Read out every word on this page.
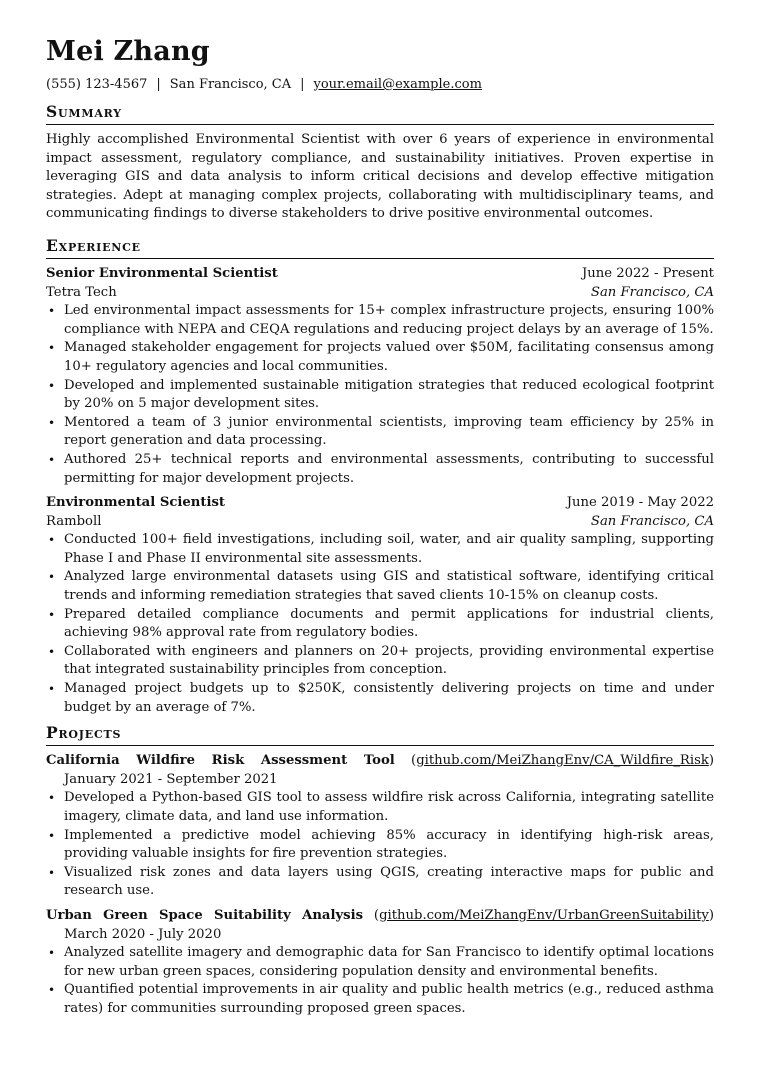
Mei Zhang
(555) 123-4567 | San Francisco, CA | your.email@example.com
Summary
Highly accomplished Environmental Scientist with over 6 years of experience in environmental impact assessment, regulatory compliance, and sustainability initiatives. Proven expertise in leveraging GIS and data analysis to inform critical decisions and develop effective mitigation strategies. Adept at managing complex projects, collaborating with multidisciplinary teams, and communicating findings to diverse stakeholders to drive positive environmental outcomes.
Experience
Senior Environmental Scientist	June 2022 - Present
Tetra Tech	San Francisco, CA
• Led environmental impact assessments for 15+ complex infrastructure projects, ensuring 100% compliance with NEPA and CEQA regulations and reducing project delays by an average of 15%.
• Managed stakeholder engagement for projects valued over $50M, facilitating consensus among 10+ regulatory agencies and local communities.
• Developed and implemented sustainable mitigation strategies that reduced ecological footprint by 20% on 5 major development sites.
• Mentored a team of 3 junior environmental scientists, improving team efficiency by 25% in report generation and data processing.
• Authored 25+ technical reports and environmental assessments, contributing to successful permitting for major development projects.
Environmental Scientist	June 2019 - May 2022
Ramboll	San Francisco, CA
• Conducted 100+ field investigations, including soil, water, and air quality sampling, supporting Phase I and Phase II environmental site assessments.
• Analyzed large environmental datasets using GIS and statistical software, identifying critical trends and informing remediation strategies that saved clients 10-15% on cleanup costs.
• Prepared detailed compliance documents and permit applications for industrial clients, achieving 98% approval rate from regulatory bodies.
• Collaborated with engineers and planners on 20+ projects, providing environmental expertise that integrated sustainability principles from conception.
• Managed project budgets up to $250K, consistently delivering projects on time and under budget by an average of 7%.
Projects
California Wildfire Risk Assessment Tool (github.com/MeiZhangEnv/CA_Wildfire_Risk) January 2021 - September 2021
• Developed a Python-based GIS tool to assess wildfire risk across California, integrating satellite imagery, climate data, and land use information.
• Implemented a predictive model achieving 85% accuracy in identifying high-risk areas, providing valuable insights for fire prevention strategies.
• Visualized risk zones and data layers using QGIS, creating interactive maps for public and research use.
Urban Green Space Suitability Analysis (github.com/MeiZhangEnv/UrbanGreenSuitability) March 2020 - July 2020
• Analyzed satellite imagery and demographic data for San Francisco to identify optimal locations for new urban green spaces, considering population density and environmental benefits.
• Quantified potential improvements in air quality and public health metrics (e.g., reduced asthma rates) for communities surrounding proposed green spaces.
